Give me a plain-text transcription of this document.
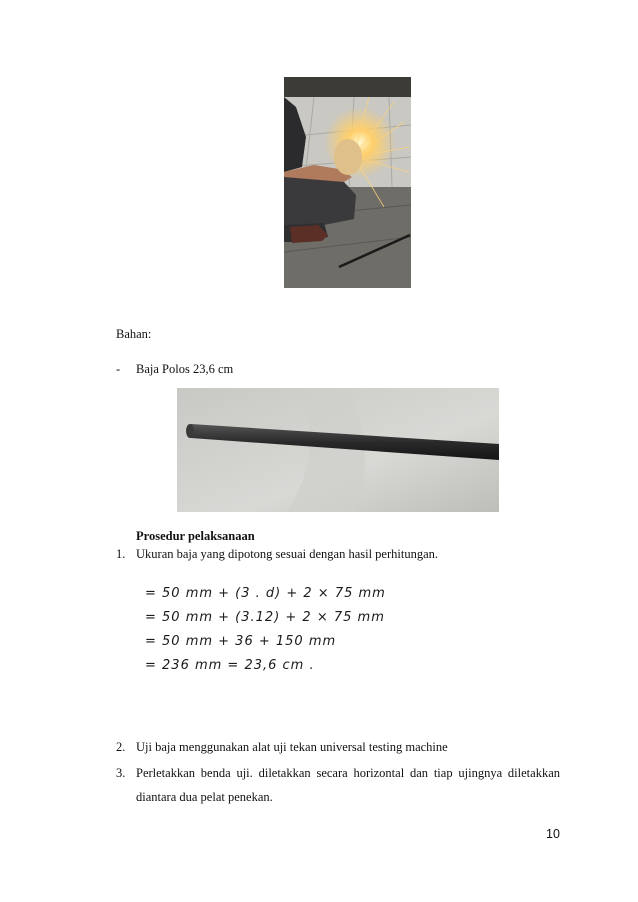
Bahan:
- Baja Polos 23,6 cm
Prosedur pelaksanaan
1. Ukuran baja yang dipotong sesuai dengan hasil perhitungan.
= 50 mm + (3 . d) + 2 × 75 mm
= 50 mm + (3.12) + 2 × 75 mm
= 50 mm + 36 + 150 mm
= 236 mm = 23,6 cm .
2. Uji baja menggunakan alat uji tekan universal testing machine
3. Perletakkan benda uji. diletakkan secara horizontal dan tiap ujingnya diletakkan diantara dua pelat penekan.
10
